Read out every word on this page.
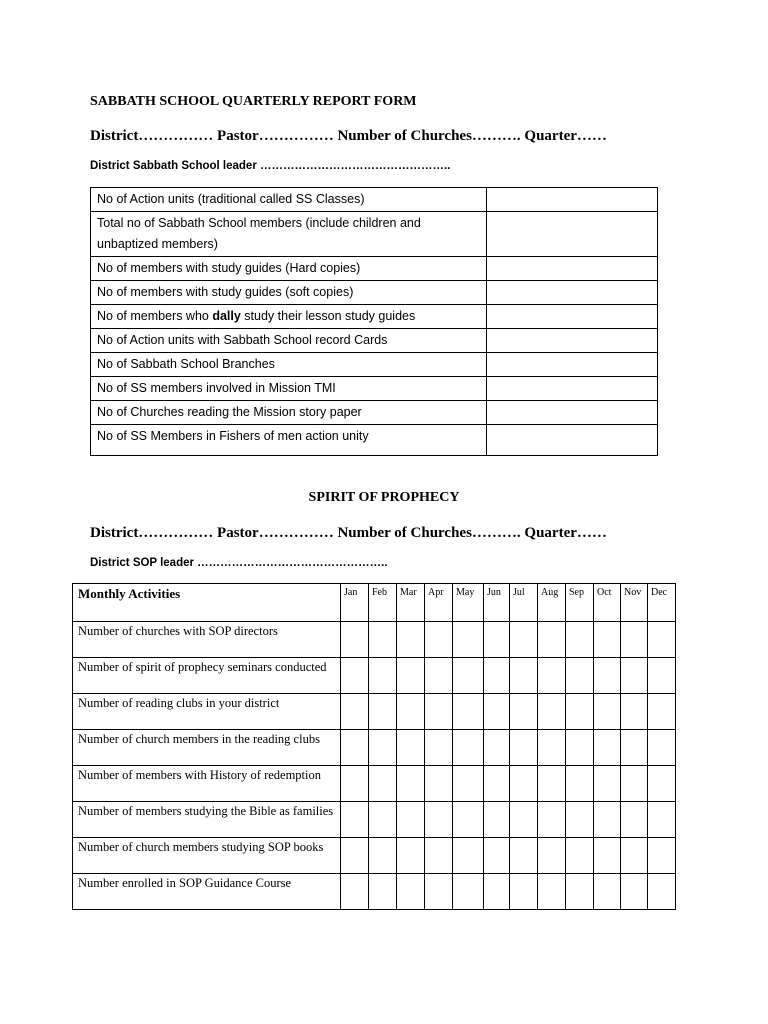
SABBATH SCHOOL QUARTERLY REPORT FORM
District…………… Pastor…………… Number of Churches………. Quarter……
District Sabbath School leader …………………………………………..
No of Action units (traditional called SS Classes)	
Total no of Sabbath School members (include children and unbaptized members)	
No of members with study guides (Hard copies)	
No of members with study guides (soft copies)	
No of members who dally study their lesson study guides	
No of Action units with Sabbath School record Cards	
No of Sabbath School Branches	
No of SS members involved in Mission TMI	
No of Churches reading the Mission story paper	
No of SS Members in Fishers of men action unity	
SPIRIT OF PROPHECY
District…………… Pastor…………… Number of Churches………. Quarter……
District SOP leader …………………………………………..
Monthly Activities	Jan	Feb	Mar	Apr	May	Jun	Jul	Aug	Sep	Oct	Nov	Dec
Number of churches with SOP directors												
Number of spirit of prophecy seminars conducted												
Number of reading clubs in your district												
Number of church members in the reading clubs												
Number of members with History of redemption												
Number of members studying the Bible as families												
Number of church members studying SOP books												
Number enrolled in SOP Guidance Course												
